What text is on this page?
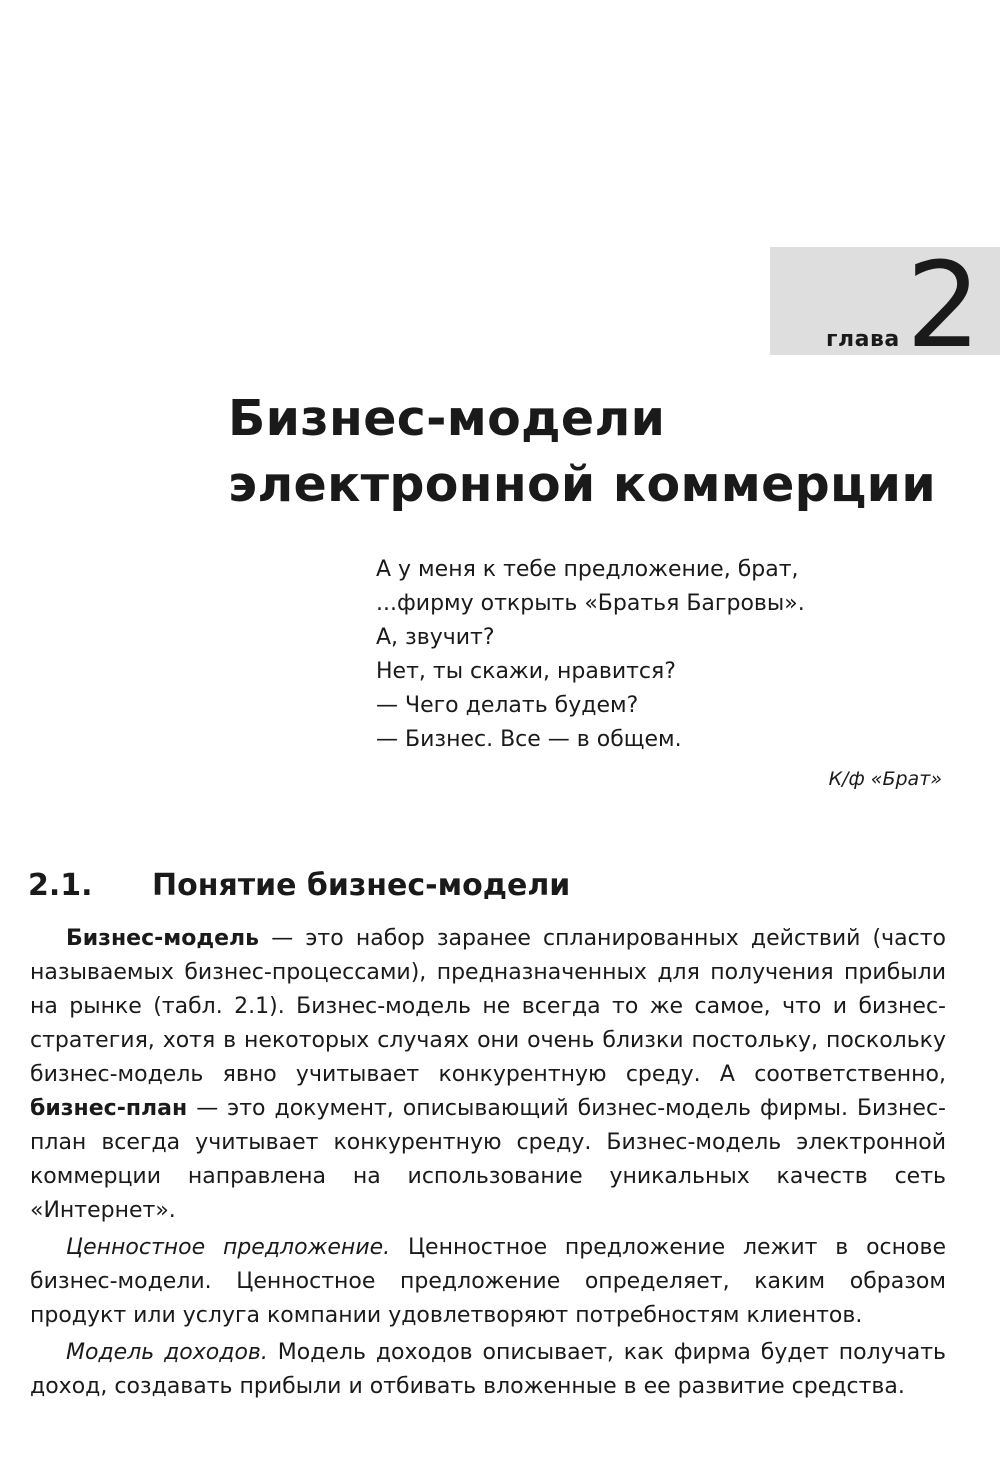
глава 2
Бизнес-модели
электронной коммерции
А у меня к тебе предложение, брат,
...фирму открыть «Братья Багровы».
А, звучит?
Нет, ты скажи, нравится?
— Чего делать будем?
— Бизнес. Все — в общем.
К/ф «Брат»
2.1. Понятие бизнес-модели

Бизнес-модель — это набор заранее спланированных действий (часто называемых бизнес-процессами), предназначенных для получения прибыли на рынке (табл. 2.1). Бизнес-модель не всегда то же самое, что и бизнес-стратегия, хотя в некоторых случаях они очень близки постольку, поскольку бизнес-модель явно учитывает конкурентную среду. А соответственно, бизнес-план — это документ, описывающий бизнес-модель фирмы. Бизнес-план всегда учитывает конкурентную среду. Бизнес-модель электронной коммерции направлена на использование уникальных качеств сеть «Интернет».

Ценностное предложение. Ценностное предложение лежит в основе бизнес-модели. Ценностное предложение определяет, каким образом продукт или услуга компании удовлетворяют потребностям клиентов.

Модель доходов. Модель доходов описывает, как фирма будет получать доход, создавать прибыли и отбивать вложенные в ее развитие средства.
